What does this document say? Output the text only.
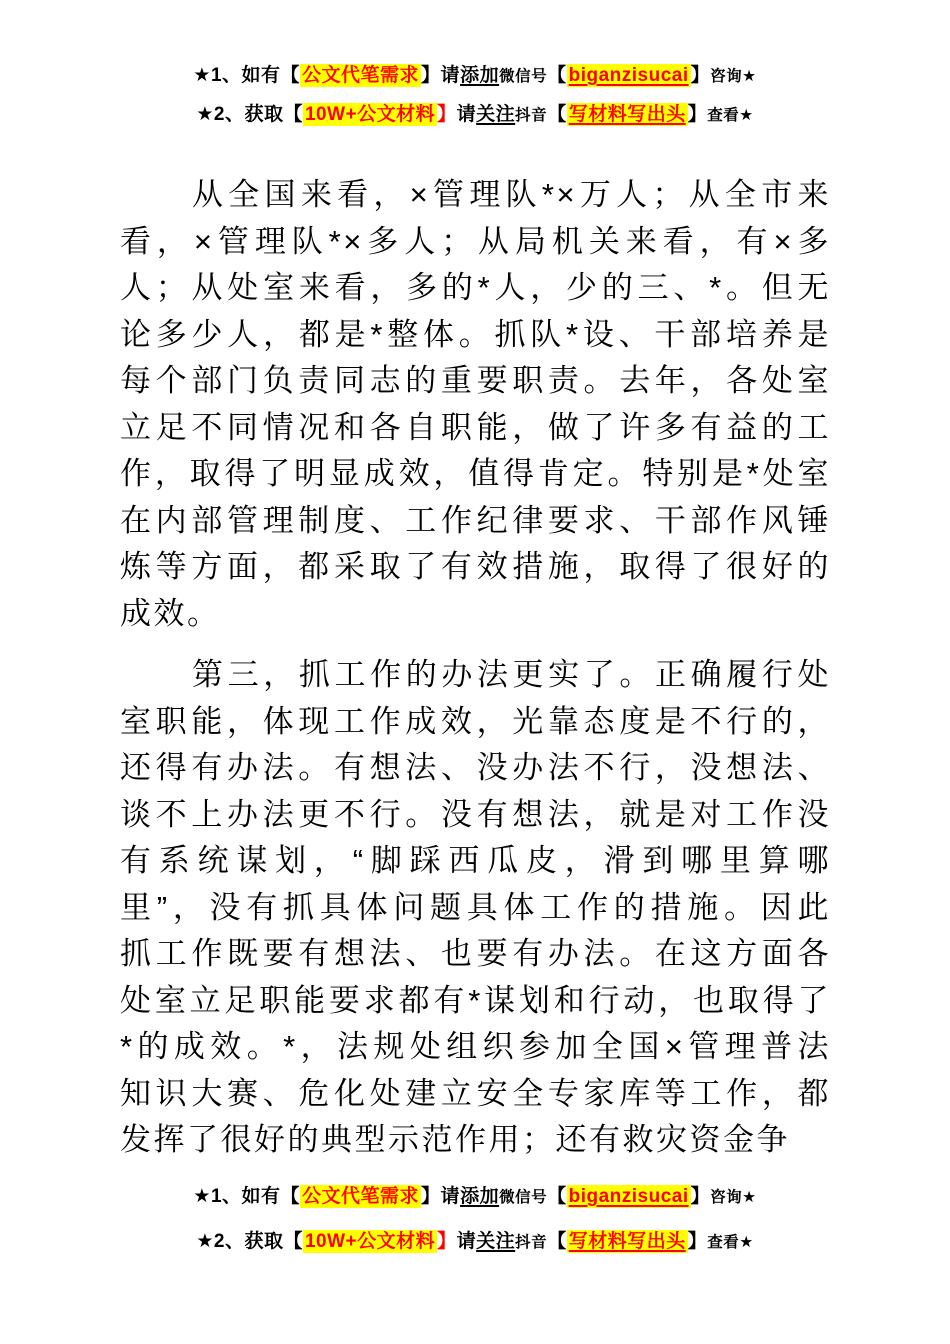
★1、如有【 公文代笔需求 】请添加微信号【 biganzisucai 】咨询★
★2、获取【 10W+公文材料 】请关注抖音【 写材料写出头 】查看★
从全国来看，×管理队*×万人；从全市来
看，×管理队*×多人；从局机关来看，有×多
人；从处室来看，多的*人，少的三、*。但无
论多少人，都是*整体。抓队*设、干部培养是
每个部门负责同志的重要职责。去年，各处室
立足不同情况和各自职能，做了许多有益的工
作，取得了明显成效，值得肯定。特别是*处室
在内部管理制度、工作纪律要求、干部作风锤
炼等方面，都采取了有效措施，取得了很好的
成效。
第三，抓工作的办法更实了。正确履行处
室职能，体现工作成效，光靠态度是不行的，
还得有办法。有想法、没办法不行，没想法、
谈不上办法更不行。没有想法，就是对工作没
有系统谋划，“脚踩西瓜皮，滑到哪里算哪
里”，没有抓具体问题具体工作的措施。因此
抓工作既要有想法、也要有办法。在这方面各
处室立足职能要求都有*谋划和行动，也取得了
*的成效。*，法规处组织参加全国×管理普法
知识大赛、危化处建立安全专家库等工作，都
发挥了很好的典型示范作用；还有救灾资金争
★1、如有【 公文代笔需求 】请添加微信号【 biganzisucai 】咨询★
★2、获取【 10W+公文材料 】请关注抖音【 写材料写出头 】查看★
